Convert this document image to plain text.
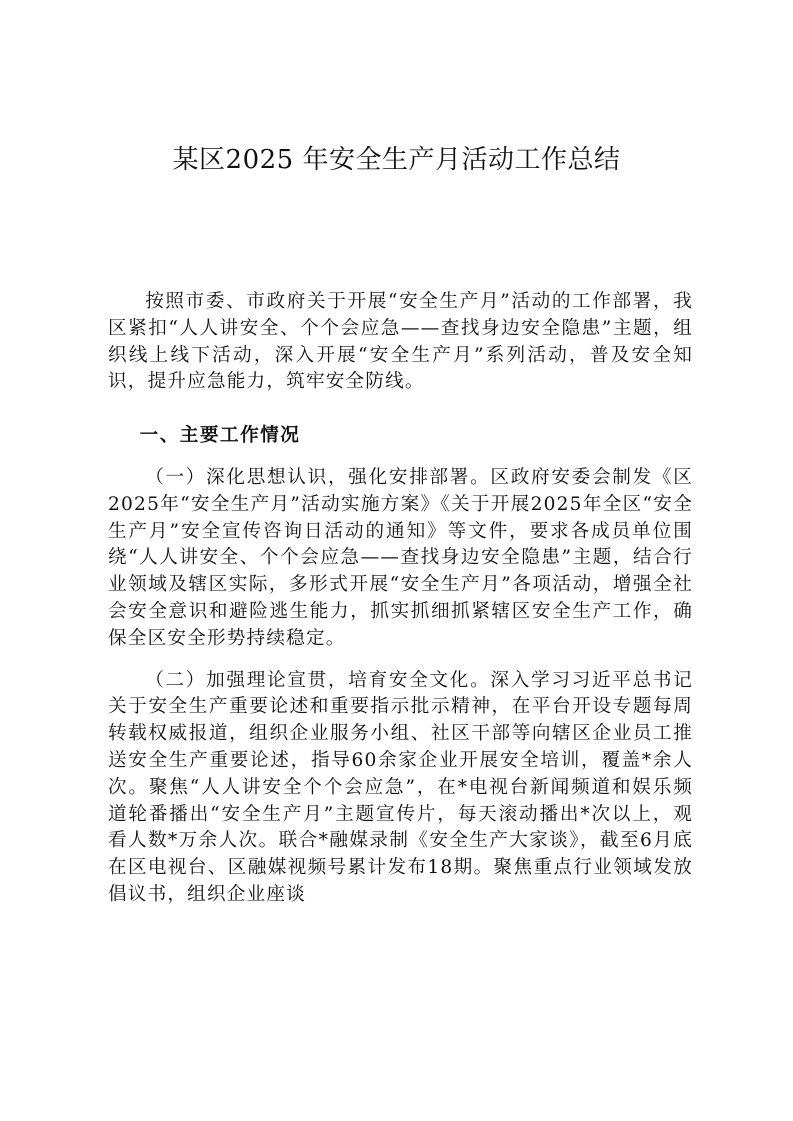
某区2025 年安全生产月活动工作总结

按照市委、市政府关于开展“安全生产月”活动的工作部署，我区紧扣“人人讲安全、个个会应急——查找身边安全隐患”主题，组织线上线下活动，深入开展“安全生产月”系列活动，普及安全知识，提升应急能力，筑牢安全防线。

一、主要工作情况

（一）深化思想认识，强化安排部署。区政府安委会制发《区2025年“安全生产月”活动实施方案》《关于开展2025年全区“安全生产月”安全宣传咨询日活动的通知》等文件，要求各成员单位围绕“人人讲安全、个个会应急——查找身边安全隐患”主题，结合行业领域及辖区实际，多形式开展“安全生产月”各项活动，增强全社会安全意识和避险逃生能力，抓实抓细抓紧辖区安全生产工作，确保全区安全形势持续稳定。

（二）加强理论宣贯，培育安全文化。深入学习习近平总书记关于安全生产重要论述和重要指示批示精神，在平台开设专题每周转载权威报道，组织企业服务小组、社区干部等向辖区企业员工推送安全生产重要论述，指导60余家企业开展安全培训，覆盖*余人次。聚焦“人人讲安全个个会应急”，在*电视台新闻频道和娱乐频道轮番播出“安全生产月”主题宣传片，每天滚动播出*次以上，观看人数*万余人次。联合*融媒录制《安全生产大家谈》，截至6月底在区电视台、区融媒视频号累计发布18期。聚焦重点行业领域发放倡议书，组织企业座谈
